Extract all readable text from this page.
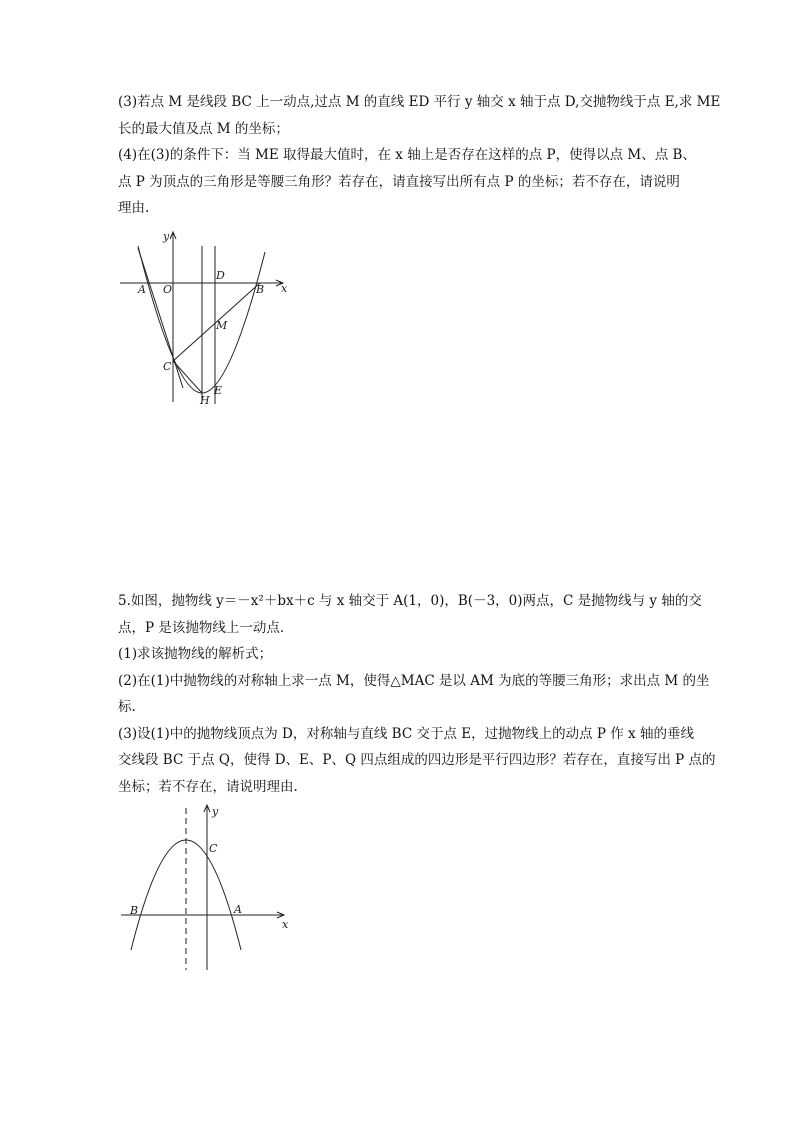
(3)若点 M 是线段 BC 上一动点,过点 M 的直线 ED 平行 y 轴交 x 轴于点 D,交抛物线于点 E,求 ME
长的最大值及点 M 的坐标；
(4)在(3)的条件下：当 ME 取得最大值时，在 x 轴上是否存在这样的点 P，使得以点 M、点 B、
点 P 为顶点的三角形是等腰三角形？若存在，请直接写出所有点 P 的坐标；若不存在，请说明
理由.
y
x
A O
D
B
M
C
H
E
5.如图，抛物线 y＝－x²＋bx＋c 与 x 轴交于 A(1，0)，B(－3，0)两点，C 是抛物线与 y 轴的交
点，P 是该抛物线上一动点.
(1)求该抛物线的解析式；
(2)在(1)中抛物线的对称轴上求一点 M，使得△MAC 是以 AM 为底的等腰三角形；求出点 M 的坐
标.
(3)设(1)中的抛物线顶点为 D，对称轴与直线 BC 交于点 E，过抛物线上的动点 P 作 x 轴的垂线
交线段 BC 于点 Q，使得 D、E、P、Q 四点组成的四边形是平行四边形？若存在，直接写出 P 点的
坐标；若不存在，请说明理由.
y
C
B	A
x
